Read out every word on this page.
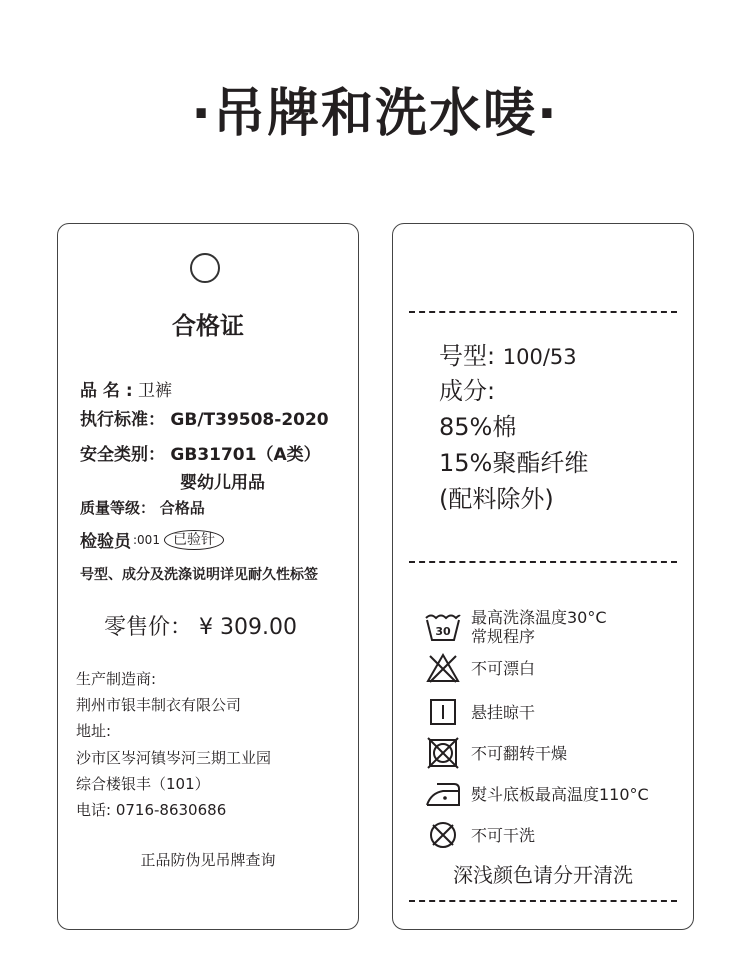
·吊牌和洗水唛·
合格证
品 名 : 卫裤
执行标准： GB/T39508-2020
安全类别： GB31701（A类）
婴幼儿用品
质量等级： 合格品
检验员 :001 已验针
号型、成分及洗涤说明详见耐久性标签
零售价： ¥ 309.00
生产制造商:
荆州市银丰制衣有限公司
地址:
沙市区岑河镇岑河三期工业园
综合楼银丰（101）
电话: 0716-8630686
正品防伪见吊牌查询
号型: 100/53
成分:
85%棉
15%聚酯纤维
(配料除外)
30
最高洗涤温度30°C
常规程序
不可漂白
悬挂晾干
不可翻转干燥
熨斗底板最高温度110°C
不可干洗
深浅颜色请分开清洗
